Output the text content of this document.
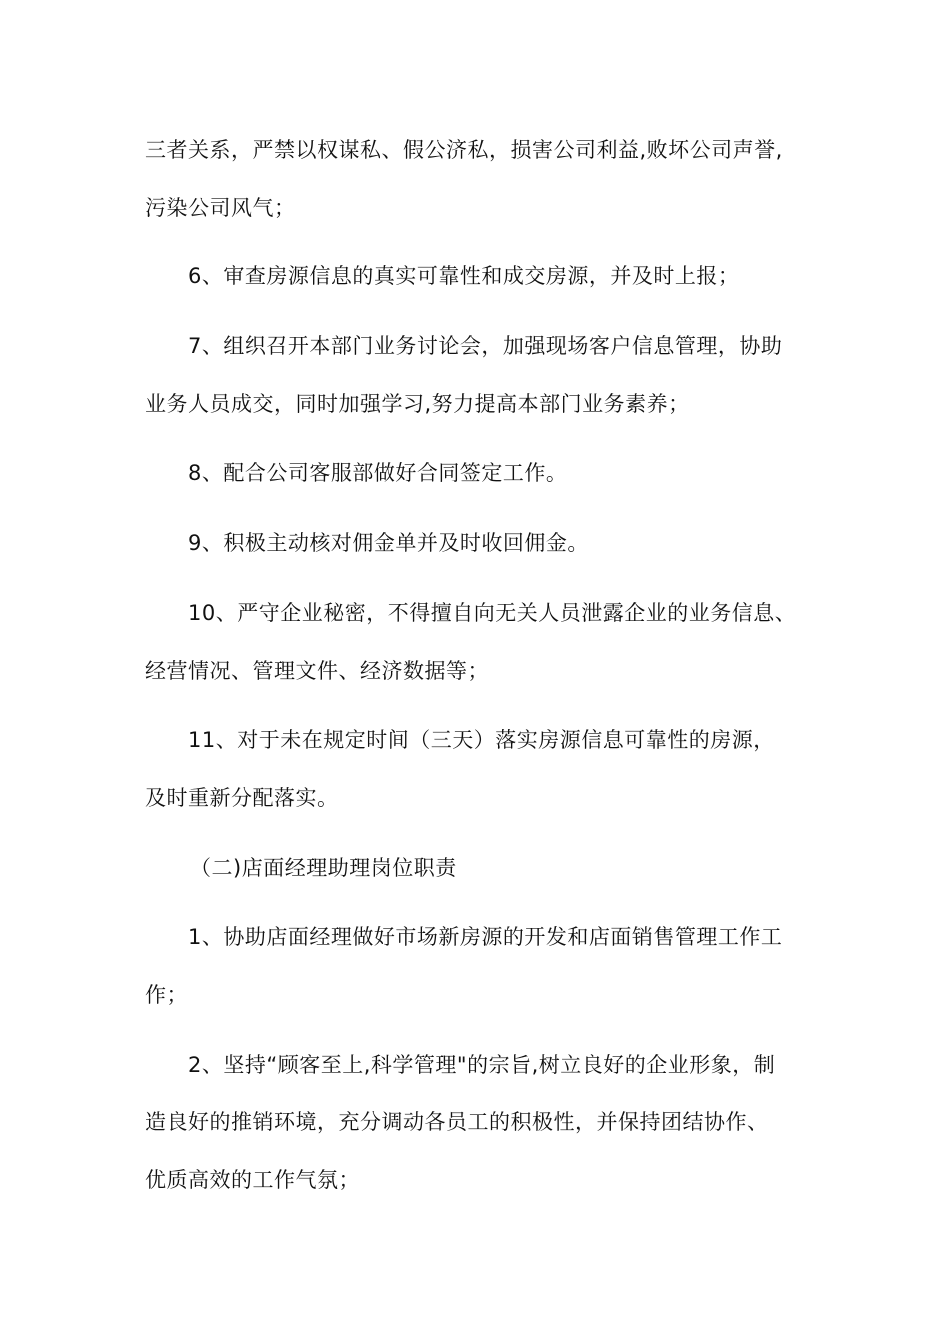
三者关系，严禁以权谋私、假公济私，损害公司利益,败坏公司声誉,
污染公司风气；
6、审查房源信息的真实可靠性和成交房源，并及时上报；
7、组织召开本部门业务讨论会，加强现场客户信息管理，协助
业务人员成交，同时加强学习,努力提高本部门业务素养；
8、配合公司客服部做好合同签定工作。
9、积极主动核对佣金单并及时收回佣金。
10、严守企业秘密，不得擅自向无关人员泄露企业的业务信息、
经营情况、管理文件、经济数据等；
11、对于未在规定时间（三天）落实房源信息可靠性的房源，
及时重新分配落实。
（二)店面经理助理岗位职责
1、协助店面经理做好市场新房源的开发和店面销售管理工作工
作；
2、坚持“顾客至上,科学管理"的宗旨,树立良好的企业形象，制
造良好的推销环境，充分调动各员工的积极性，并保持团结协作、
优质高效的工作气氛；
